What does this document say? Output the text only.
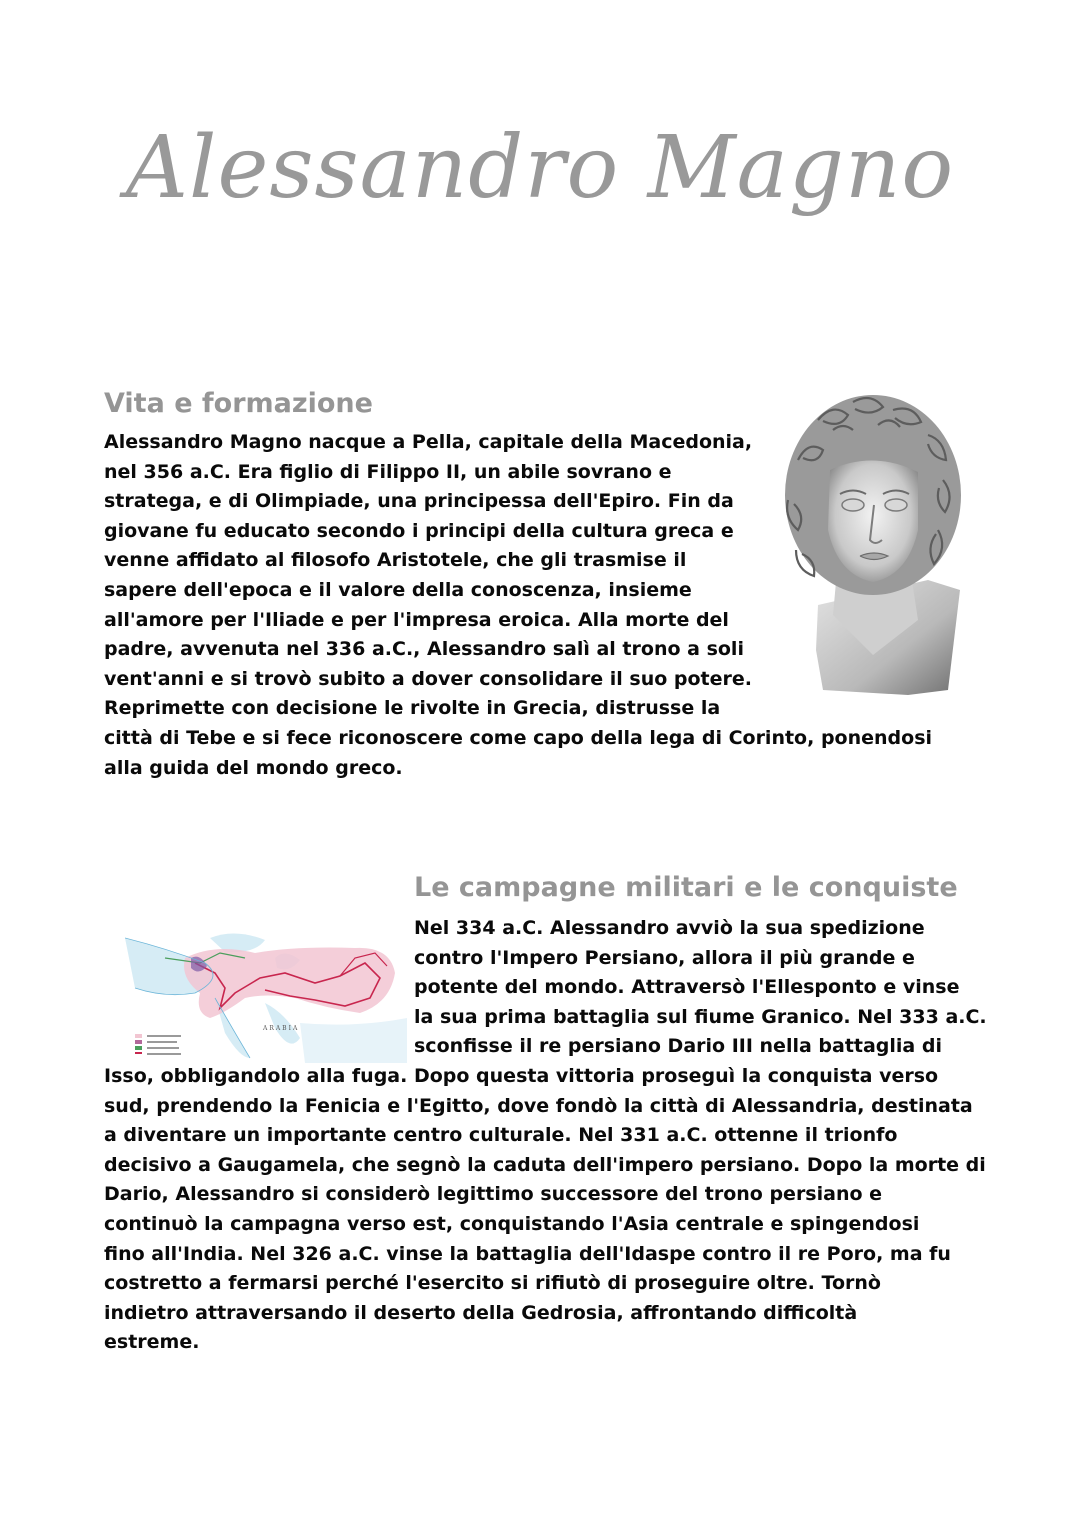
Alessandro Magno
Vita e formazione
Alessandro Magno nacque a Pella, capitale della Macedonia,
nel 356 a.C. Era figlio di Filippo II, un abile sovrano e
stratega, e di Olimpiade, una principessa dell'Epiro. Fin da
giovane fu educato secondo i principi della cultura greca e
venne affidato al filosofo Aristotele, che gli trasmise il
sapere dell'epoca e il valore della conoscenza, insieme
all'amore per l'Iliade e per l'impresa eroica. Alla morte del
padre, avvenuta nel 336 a.C., Alessandro salì al trono a soli
vent'anni e si trovò subito a dover consolidare il suo potere.
Reprimette con decisione le rivolte in Grecia, distrusse la
città di Tebe e si fece riconoscere come capo della lega di Corinto, ponendosi
alla guida del mondo greco.
Le campagne militari e le conquiste
ARABIA
Nel 334 a.C. Alessandro avviò la sua spedizione
contro l'Impero Persiano, allora il più grande e
potente del mondo. Attraversò l'Ellesponto e vinse
la sua prima battaglia sul fiume Granico. Nel 333 a.C.
sconfisse il re persiano Dario III nella battaglia di
Isso, obbligandolo alla fuga. Dopo questa vittoria proseguì la conquista verso
sud, prendendo la Fenicia e l'Egitto, dove fondò la città di Alessandria, destinata
a diventare un importante centro culturale. Nel 331 a.C. ottenne il trionfo
decisivo a Gaugamela, che segnò la caduta dell'impero persiano. Dopo la morte di
Dario, Alessandro si considerò legittimo successore del trono persiano e
continuò la campagna verso est, conquistando l'Asia centrale e spingendosi
fino all'India. Nel 326 a.C. vinse la battaglia dell'Idaspe contro il re Poro, ma fu
costretto a fermarsi perché l'esercito si rifiutò di proseguire oltre. Tornò
indietro attraversando il deserto della Gedrosia, affrontando difficoltà
estreme.
